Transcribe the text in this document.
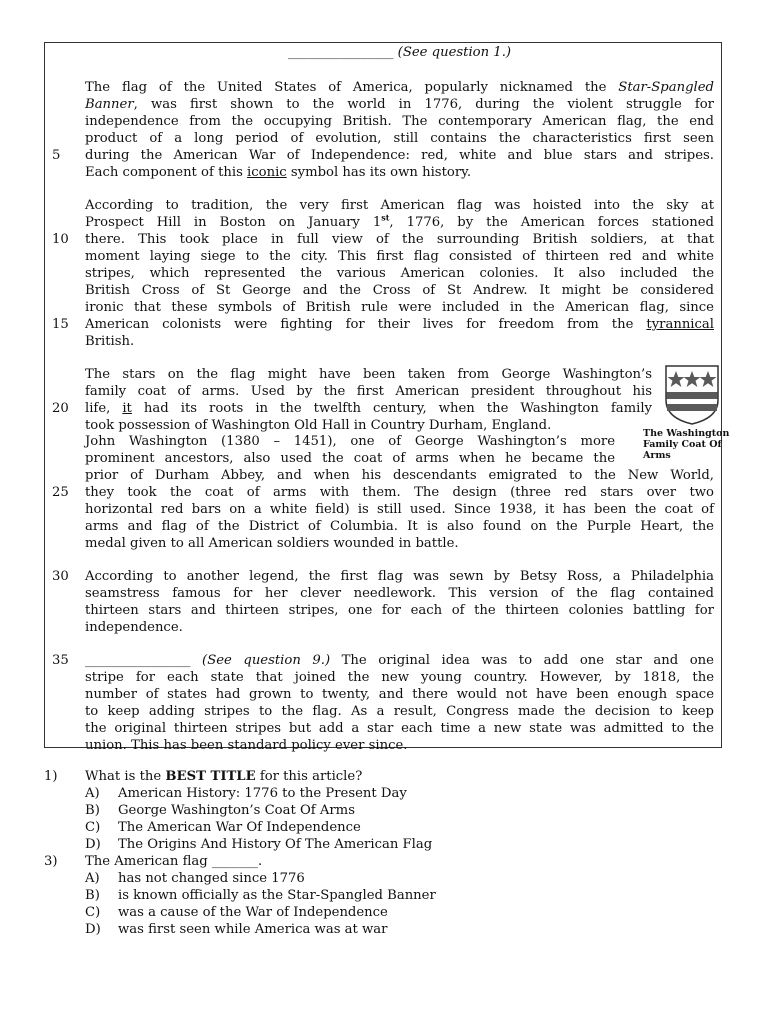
________________ (See question 1.)
The flag of the United States of America, popularly nicknamed the Star-Spangled
Banner, was first shown to the world in 1776, during the violent struggle for
independence from the occupying British. The contemporary American flag, the end
product of a long period of evolution, still contains the characteristics first seen
during the American War of Independence: red, white and blue stars and stripes.
Each component of this iconic symbol has its own history.
According to tradition, the very first American flag was hoisted into the sky at
Prospect Hill in Boston on January 1st, 1776, by the American forces stationed
there. This took place in full view of the surrounding British soldiers, at that
moment laying siege to the city. This first flag consisted of thirteen red and white
stripes, which represented the various American colonies. It also included the
British Cross of St George and the Cross of St Andrew. It might be considered
ironic that these symbols of British rule were included in the American flag, since
American colonists were fighting for their lives for freedom from the tyrannical
British.
The stars on the flag might have been taken from George Washington’s
family coat of arms. Used by the first American president throughout his
life, it had its roots in the twelfth century, when the Washington family
took possession of Washington Old Hall in Country Durham, England.
John Washington (1380 – 1451), one of George Washington’s more
prominent ancestors, also used the coat of arms when he became the
prior of Durham Abbey, and when his descendants emigrated to the New World,
they took the coat of arms with them. The design (three red stars over two
horizontal red bars on a white field) is still used. Since 1938, it has been the coat of
arms and flag of the District of Columbia. It is also found on the Purple Heart, the
medal given to all American soldiers wounded in battle.
The Washington Family Coat Of Arms
According to another legend, the first flag was sewn by Betsy Ross, a Philadelphia
seamstress famous for her clever needlework. This version of the flag contained
thirteen stars and thirteen stripes, one for each of the thirteen colonies battling for
independence.
________________ (See question 9.) The original idea was to add one star and one
stripe for each state that joined the new young country. However, by 1818, the
number of states had grown to twenty, and there would not have been enough space
to keep adding stripes to the flag. As a result, Congress made the decision to keep
the original thirteen stripes but add a star each time a new state was admitted to the
union. This has been standard policy ever since.
5
10
15
20
25
30
35
1) What is the BEST TITLE for this article?
A) American History: 1776 to the Present Day
B) George Washington’s Coat Of Arms
C) The American War Of Independence
D) The Origins And History Of The American Flag
3) The American flag _______.
A) has not changed since 1776
B) is known officially as the Star-Spangled Banner
C) was a cause of the War of Independence
D) was first seen while America was at war
